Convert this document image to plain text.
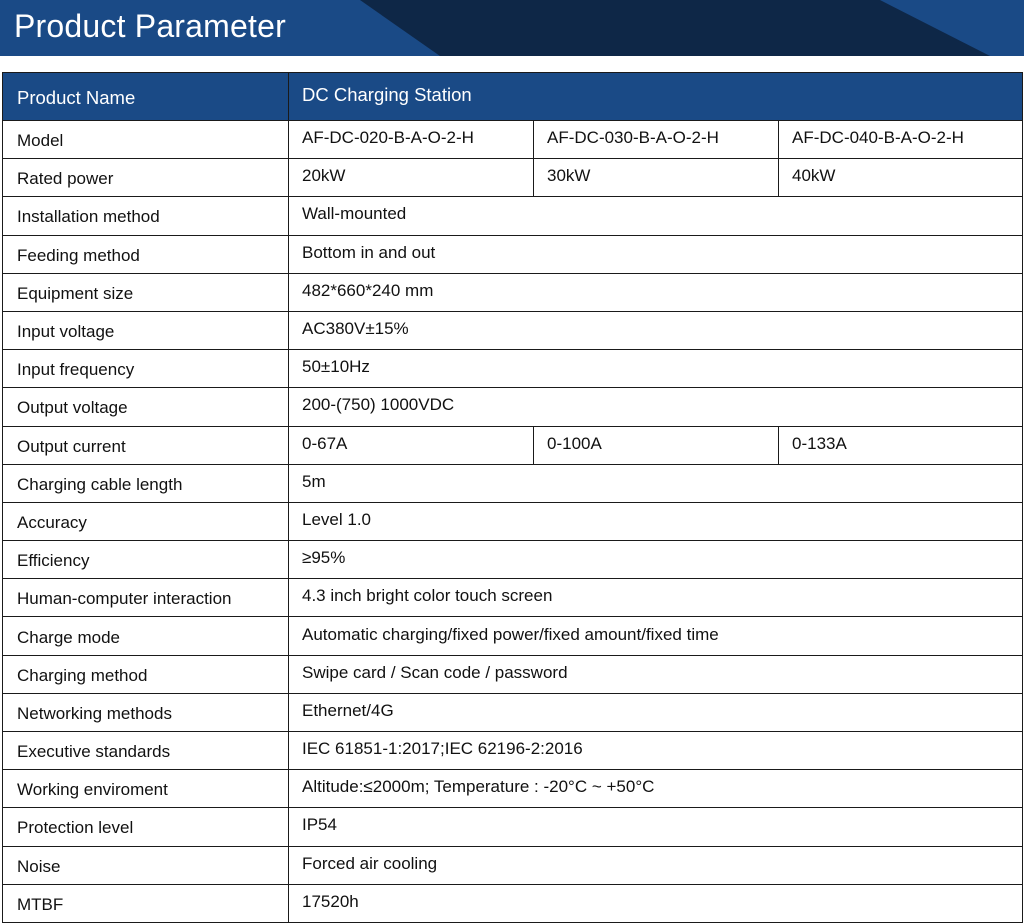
Product Parameter
Product Name	DC Charging Station		
Model	AF-DC-020-B-A-O-2-H	AF-DC-030-B-A-O-2-H	AF-DC-040-B-A-O-2-H
Rated power	20kW	30kW	40kW
Installation method	Wall-mounted		
Feeding method	Bottom in and out		
Equipment size	482*660*240 mm		
Input voltage	AC380V±15%		
Input frequency	50±10Hz		
Output voltage	200-(750) 1000VDC		
Output current	0-67A	0-100A	0-133A
Charging cable length	5m		
Accuracy	Level 1.0		
Efficiency	≥95%		
Human-computer interaction	4.3 inch bright color touch screen		
Charge mode	Automatic charging/fixed power/fixed amount/fixed time		
Charging method	Swipe card / Scan code / password		
Networking methods	Ethernet/4G		
Executive standards	IEC 61851-1:2017;IEC 62196-2:2016		
Working enviroment	Altitude:≤2000m; Temperature : -20°C ~ +50°C		
Protection level	IP54		
Noise	Forced air cooling		
MTBF	17520h		
